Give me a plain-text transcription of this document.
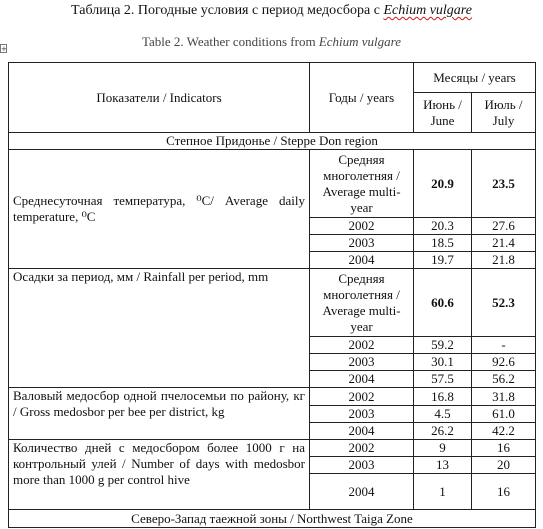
Таблица 2. Погодные условия с период медосбора с Echium vulgare
+	Table 2. Weather conditions from Echium vulgare
Показатели / Indicators	Годы / years	Месяцы / years	
		Июнь / June	Июль / July
Степное Придонье / Steppe Don region			
Среднесуточная температура, ⁰С/ Average daily temperature, ⁰С	Средняя многолетняя / Average multi-year	20.9	23.5
	2002	20.3	27.6
	2003	18.5	21.4
	2004	19.7	21.8
Осадки за период, мм / Rainfall per period, mm	Средняя многолетняя / Average multi-year	60.6	52.3
	2002	59.2	-
	2003	30.1	92.6
	2004	57.5	56.2
Валовый медосбор одной пчелосемьи по району, кг / Gross medosbor per bee per district, kg	2002	16.8	31.8
	2003	4.5	61.0
	2004	26.2	42.2
Количество дней с медосбором более 1000 г на контрольный улей / Number of days with medosbor more than 1000 g per control hive	2002	9	16
	2003	13	20
	2004	1	16
Северо-Запад таежной зоны / Northwest Taiga Zone			
